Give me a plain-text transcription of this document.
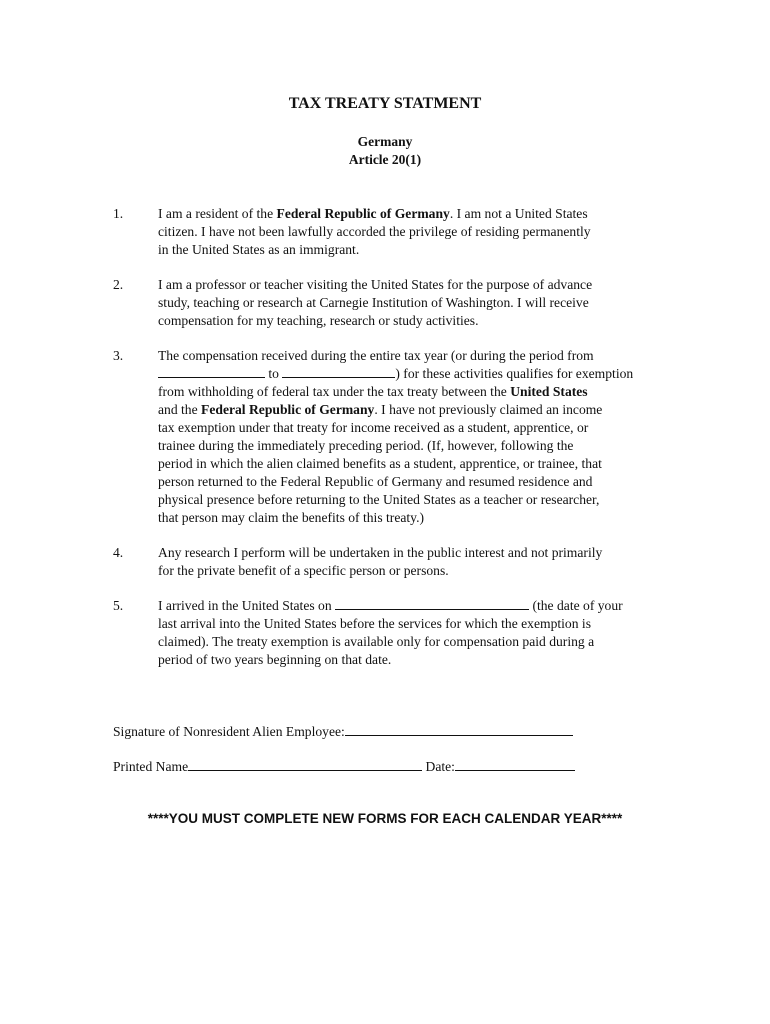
TAX TREATY STATMENT
Germany
Article 20(1)
1.	I am a resident of the Federal Republic of Germany. I am not a United States
citizen. I have not been lawfully accorded the privilege of residing permanently
in the United States as an immigrant.
2.	I am a professor or teacher visiting the United States for the purpose of advance
study, teaching or research at Carnegie Institution of Washington. I will receive
compensation for my teaching, research or study activities.
3.	The compensation received during the entire tax year (or during the period from
to	) for these activities qualifies for exemption
from withholding of federal tax under the tax treaty between the United States
and the Federal Republic of Germany. I have not previously claimed an income
tax exemption under that treaty for income received as a student, apprentice, or
trainee during the immediately preceding period. (If, however, following the
period in which the alien claimed benefits as a student, apprentice, or trainee, that
person returned to the Federal Republic of Germany and resumed residence and
physical presence before returning to the United States as a teacher or researcher,
that person may claim the benefits of this treaty.)
4.	Any research I perform will be undertaken in the public interest and not primarily
for the private benefit of a specific person or persons.
5.	I arrived in the United States on	(the date of your
last arrival into the United States before the services for which the exemption is
claimed). The treaty exemption is available only for compensation paid during a
period of two years beginning on that date.
Signature of Nonresident Alien Employee:
Printed Name	Date:
****YOU MUST COMPLETE NEW FORMS FOR EACH CALENDAR YEAR****
